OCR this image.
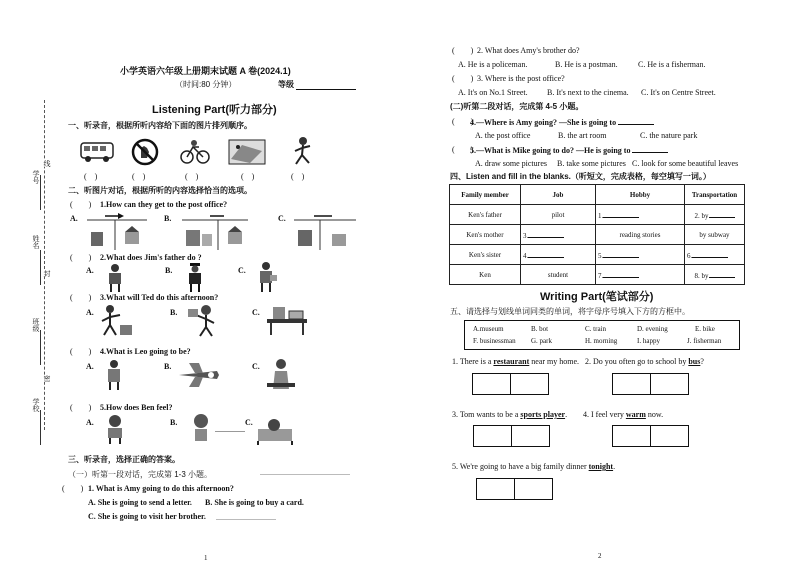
学号
姓名
班级
学校
线
封
密
小学英语六年级上册期末试题 A 卷(2024.1)
（时间:80 分钟）	等级
Listening Part(听力部分)
一、听录音，根据所听内容给下面的图片排列顺序。
(　)	(　)	(　)	(　)	(　)
二、听图片对话，根据所听的内容选择恰当的选项。
(　　) 1.How can they get to the post office?
A.	B.	C.
(　　) 2.What does Jim's father do ?
A.	B.	C.
(　　) 3.What will Ted do this afternoon?
A.	B.	C.
(　　) 4.What is Leo going to be?
A.	B.	C.
(　　) 5.How does Ben feel?
A.	B.	C.
三、听录音，选择正确的答案。
（一）听第一段对话，完成第 1-3 小题。
(　　) 1. What is Amy going to do this afternoon?
A. She is going to send a letter. B. She is going to buy a card.
C. She is going to visit her brother.
1
(　　) 2. What does Amy's brother do?
A. He is a policeman.	B. He is a postman.	C. He is a fisherman.
(　　) 3. Where is the post office?
A. It's on No.1 Street. B. It's next to the cinema. C. It's on Centre Street.
(二)听第二段对话，完成第 4-5 小题。
(　　)
4.—Where is Amy going? —She is going to
A. the post office	B. the art room	C. the nature park
(　　)
5.—What is Mike going to do? —He is going to
A. draw some pictures B. take some pictures C. look for some beautiful leaves
四、Listen and fill in the blanks.（听短文，完成表格，每空填写一词。）
Family member	Job	Hobby	Transportation
Ken's father	pilot	1.	2. by
Ken's mother	3.	reading stories	by subway
Ken's sister	4.	5.	6.
Ken	student	7.	8. by
Writing Part(笔试部分)
五、请选择与划线单词同类的单词，将字母序号填入下方的方框中。
A.museum	B. bot	C. train	D. evening	E. bike
F. businessman G. park	H. morning	I. happy	J. fisherman
1. There is a restaurant near my home. 2. Do you often go to school by bus?
3. Tom wants to be a sports player. 4. I feel very warm now.
5. We're going to have a big family dinner tonight.
2
